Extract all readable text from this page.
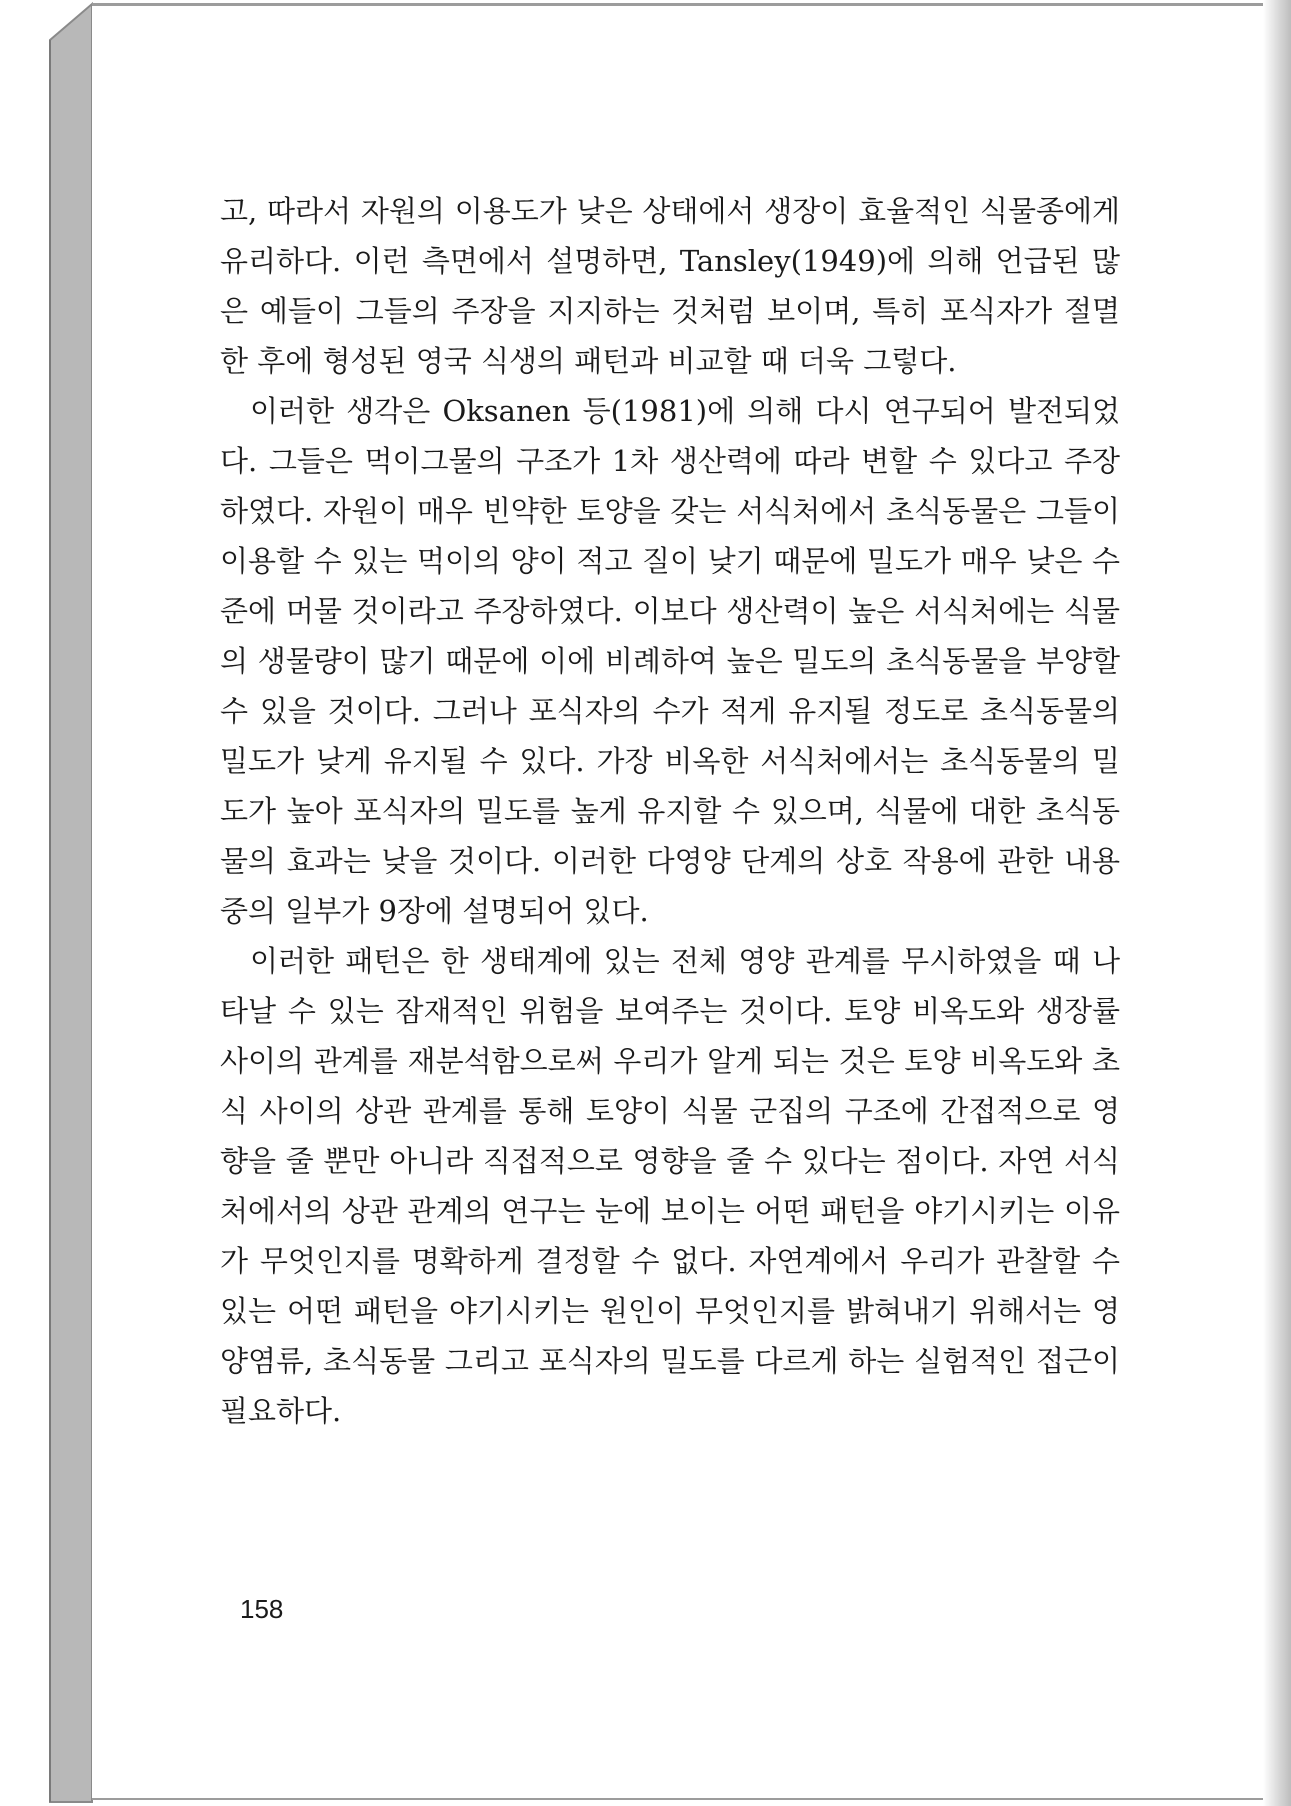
고, 따라서 자원의 이용도가 낮은 상태에서 생장이 효율적인 식물종에게 유리하다. 이런 측면에서 설명하면, Tansley(1949)에 의해 언급된 많은 예들이 그들의 주장을 지지하는 것처럼 보이며, 특히 포식자가 절멸한 후에 형성된 영국 식생의 패턴과 비교할 때 더욱 그렇다.

이러한 생각은 Oksanen 등(1981)에 의해 다시 연구되어 발전되었다. 그들은 먹이그물의 구조가 1차 생산력에 따라 변할 수 있다고 주장하였다. 자원이 매우 빈약한 토양을 갖는 서식처에서 초식동물은 그들이 이용할 수 있는 먹이의 양이 적고 질이 낮기 때문에 밀도가 매우 낮은 수준에 머물 것이라고 주장하였다. 이보다 생산력이 높은 서식처에는 식물의 생물량이 많기 때문에 이에 비례하여 높은 밀도의 초식동물을 부양할 수 있을 것이다. 그러나 포식자의 수가 적게 유지될 정도로 초식동물의 밀도가 낮게 유지될 수 있다. 가장 비옥한 서식처에서는 초식동물의 밀도가 높아 포식자의 밀도를 높게 유지할 수 있으며, 식물에 대한 초식동물의 효과는 낮을 것이다. 이러한 다영양 단계의 상호 작용에 관한 내용 중의 일부가 9장에 설명되어 있다.

이러한 패턴은 한 생태계에 있는 전체 영양 관계를 무시하였을 때 나타날 수 있는 잠재적인 위험을 보여주는 것이다. 토양 비옥도와 생장률 사이의 관계를 재분석함으로써 우리가 알게 되는 것은 토양 비옥도와 초식 사이의 상관 관계를 통해 토양이 식물 군집의 구조에 간접적으로 영향을 줄 뿐만 아니라 직접적으로 영향을 줄 수 있다는 점이다. 자연 서식처에서의 상관 관계의 연구는 눈에 보이는 어떤 패턴을 야기시키는 이유가 무엇인지를 명확하게 결정할 수 없다. 자연계에서 우리가 관찰할 수 있는 어떤 패턴을 야기시키는 원인이 무엇인지를 밝혀내기 위해서는 영양염류, 초식동물 그리고 포식자의 밀도를 다르게 하는 실험적인 접근이 필요하다.

158
